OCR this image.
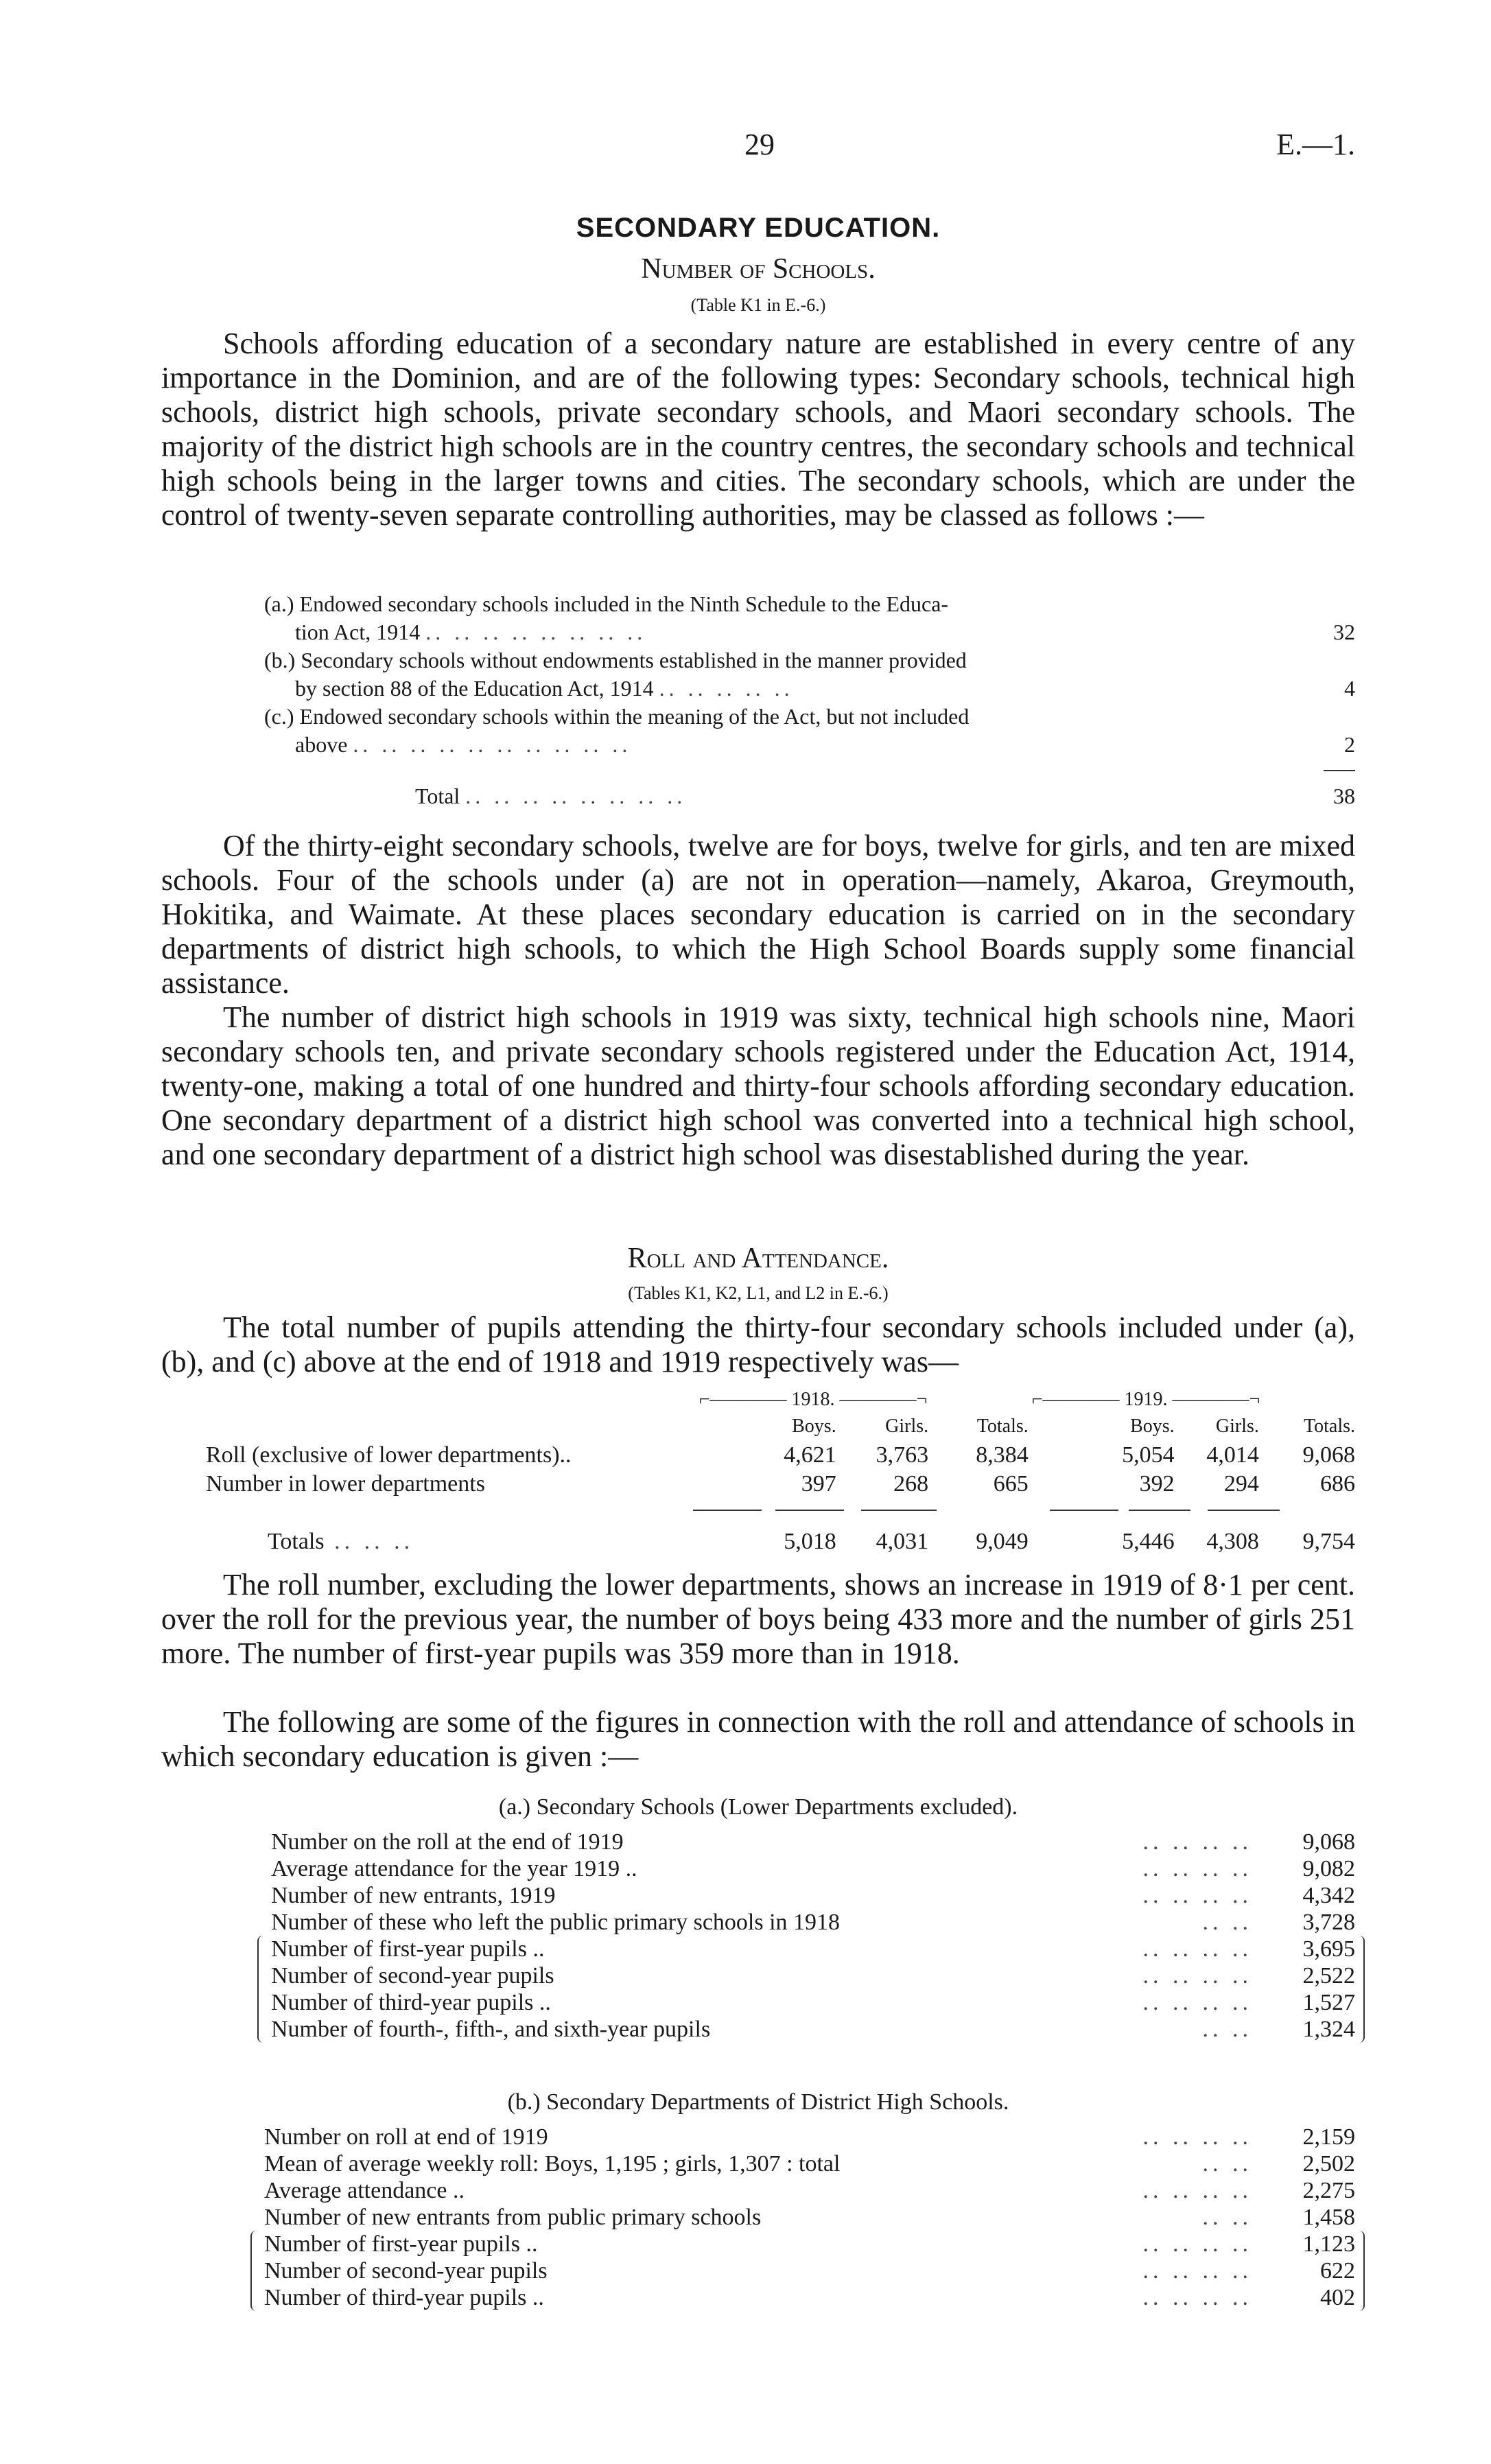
29	E.—1.
SECONDARY EDUCATION.
Number of Schools.
(Table K1 in E.-6.)

Schools affording education of a secondary nature are established in every centre of any importance in the Dominion, and are of the following types: Secondary schools, technical high schools, district high schools, private secondary schools, and Maori secondary schools. The majority of the district high schools are in the country centres, the secondary schools and technical high schools being in the larger towns and cities. The secondary schools, which are under the control of twenty-seven separate controlling authorities, may be classed as follows :—

(a.) Endowed secondary schools included in the Ninth Schedule to the Educa-
tion Act, 1914 .. .. .. .. .. .. .. ..	32
(b.) Secondary schools without endowments established in the manner provided
by section 88 of the Education Act, 1914 .. .. .. .. ..	4
(c.) Endowed secondary schools within the meaning of the Act, but not included
above .. .. .. .. .. .. .. .. .. ..	2
Total .. .. .. .. .. .. .. ..	38

Of the thirty-eight secondary schools, twelve are for boys, twelve for girls, and ten are mixed schools. Four of the schools under (a) are not in operation—namely, Akaroa, Greymouth, Hokitika, and Waimate. At these places secondary education is carried on in the secondary departments of district high schools, to which the High School Boards supply some financial assistance.

The number of district high schools in 1919 was sixty, technical high schools nine, Maori secondary schools ten, and private secondary schools registered under the Education Act, 1914, twenty-one, making a total of one hundred and thirty-four schools affording secondary education. One secondary department of a district high school was converted into a technical high school, and one secondary department of a district high school was disestablished during the year.

Roll and Attendance.
(Tables K1, K2, L1, and L2 in E.-6.)

The total number of pupils attending the thirty-four secondary schools included under (a), (b), and (c) above at the end of 1918 and 1919 respectively was—

⌐———— 1918. ————¬	⌐———— 1919. ————¬
	Boys.	Girls.	Totals.	Boys.	Girls.	Totals.
Roll (exclusive of lower departments)..	4,621	3,763	8,384	5,054	4,014	9,068
Number in lower departments	397	268	665	392	294	686

Totals .. .. ..	5,018	4,031	9,049	5,446	4,308	9,754

The roll number, excluding the lower departments, shows an increase in 1919 of 8·1 per cent. over the roll for the previous year, the number of boys being 433 more and the number of girls 251 more. The number of first-year pupils was 359 more than in 1918.

The following are some of the figures in connection with the roll and attendance of schools in which secondary education is given :—

(a.) Secondary Schools (Lower Departments excluded).
Number on the roll at the end of 1919	.. .. .. ..	9,068
Average attendance for the year 1919 ..	.. .. .. ..	9,082
Number of new entrants, 1919	.. .. .. ..	4,342
Number of these who left the public primary schools in 1918	.. ..	3,728
Number of first-year pupils ..	.. .. .. ..	3,695
Number of second-year pupils	.. .. .. ..	2,522
Number of third-year pupils ..	.. .. .. ..	1,527
Number of fourth-, fifth-, and sixth-year pupils	.. ..	1,324
(b.) Secondary Departments of District High Schools.
Number on roll at end of 1919	.. .. .. ..	2,159
Mean of average weekly roll: Boys, 1,195 ; girls, 1,307 : total	.. ..	2,502
Average attendance ..	.. .. .. ..	2,275
Number of new entrants from public primary schools	.. ..	1,458
Number of first-year pupils ..	.. .. .. ..	1,123
Number of second-year pupils	.. .. .. ..	622
Number of third-year pupils ..	.. .. .. ..	402
